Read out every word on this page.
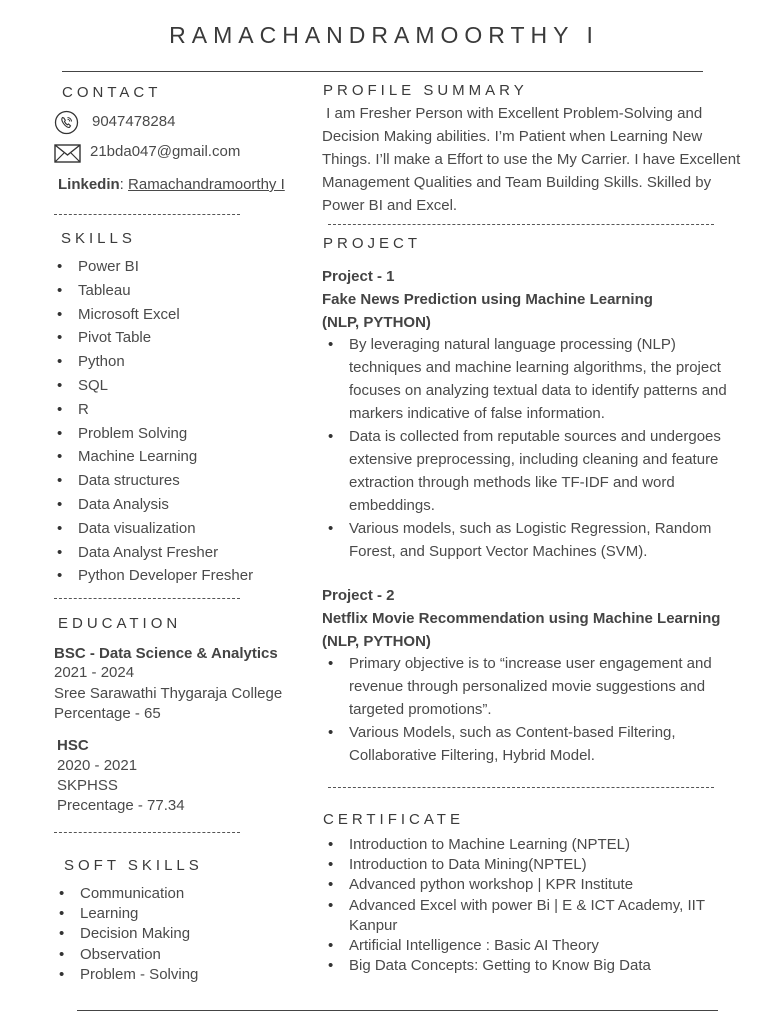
RAMACHANDRAMOORTHY I
CONTACT
9047478284
21bda047@gmail.com
Linkedin: Ramachandramoorthy I
SKILLS
• Power BI
• Tableau
• Microsoft Excel
• Pivot Table
• Python
• SQL
• R
• Problem Solving
• Machine Learning
• Data structures
• Data Analysis
• Data visualization
• Data Analyst Fresher
• Python Developer Fresher
EDUCATION
BSC - Data Science & Analytics
2021 - 2024
Sree Sarawathi Thygaraja College
Percentage - 65
HSC
2020 - 2021
SKPHSS
Precentage - 77.34
SOFT SKILLS
• Communication
• Learning
• Decision Making
• Observation
• Problem - Solving
PROFILE SUMMARY
I am Fresher Person with Excellent Problem-Solving and
Decision Making abilities. I’m Patient when Learning New
Things. I’ll make a Effort to use the My Carrier. I have Excellent
Management Qualities and Team Building Skills. Skilled by
Power BI and Excel.
PROJECT
Project - 1
Fake News Prediction using Machine Learning
(NLP, PYTHON)
• By leveraging natural language processing (NLP) techniques and machine learning algorithms, the project focuses on analyzing textual data to identify patterns and markers indicative of false information.
• Data is collected from reputable sources and undergoes extensive preprocessing, including cleaning and feature extraction through methods like TF-IDF and word embeddings.
• Various models, such as Logistic Regression, Random Forest, and Support Vector Machines (SVM).
Project - 2
Netflix Movie Recommendation using Machine Learning
(NLP, PYTHON)
• Primary objective is to “increase user engagement and revenue through personalized movie suggestions and targeted promotions”.
• Various Models, such as Content-based Filtering, Collaborative Filtering, Hybrid Model.
CERTIFICATE
• Introduction to Machine Learning (NPTEL)
• Introduction to Data Mining(NPTEL)
• Advanced python workshop | KPR Institute
• Advanced Excel with power Bi | E & ICT Academy, IIT Kanpur
• Artificial Intelligence : Basic AI Theory
• Big Data Concepts: Getting to Know Big Data
